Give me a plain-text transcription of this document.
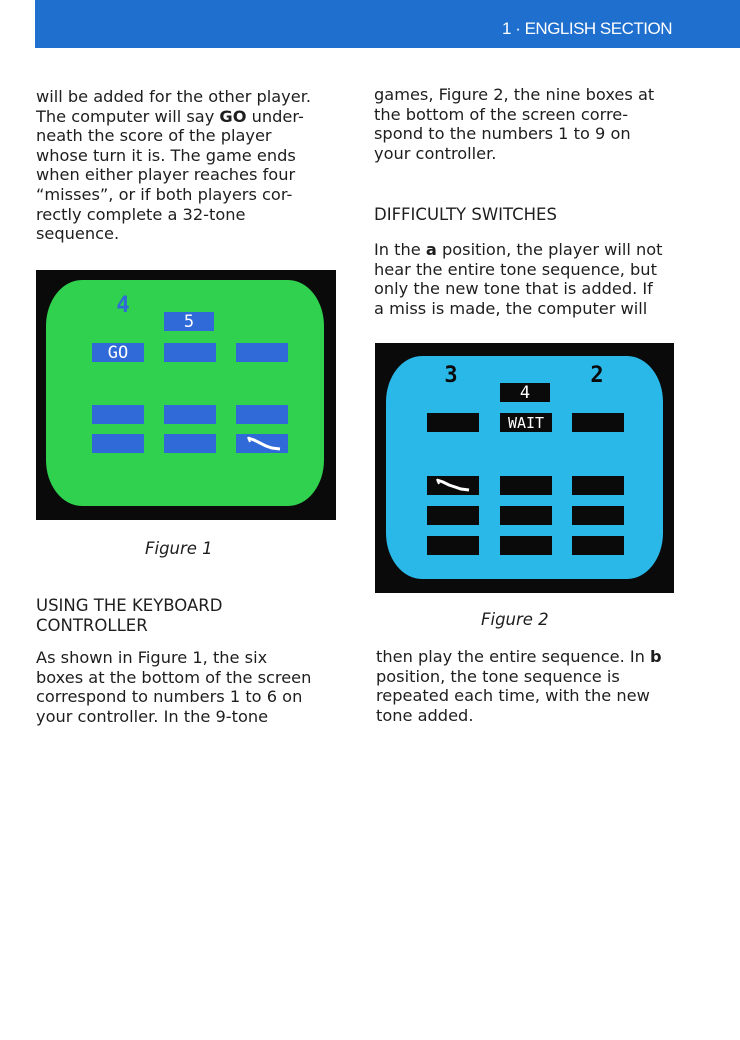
1 · ENGLISH SECTION

will be added for the other player.
The computer will say GO under-
neath the score of the player
whose turn it is. The game ends
when either player reaches four
“misses”, or if both players cor-
rectly complete a 32-tone
sequence.

4
5
GO

Figure 1

USING THE KEYBOARD
CONTROLLER

As shown in Figure 1, the six
boxes at the bottom of the screen
correspond to numbers 1 to 6 on
your controller. In the 9-tone

games, Figure 2, the nine boxes at
the bottom of the screen corre-
spond to the numbers 1 to 9 on
your controller.

DIFFICULTY SWITCHES

In the a position, the player will not
hear the entire tone sequence, but
only the new tone that is added. If
a miss is made, the computer will

3	2
4
WAIT

Figure 2

then play the entire sequence. In b
position, the tone sequence is
repeated each time, with the new
tone added.
